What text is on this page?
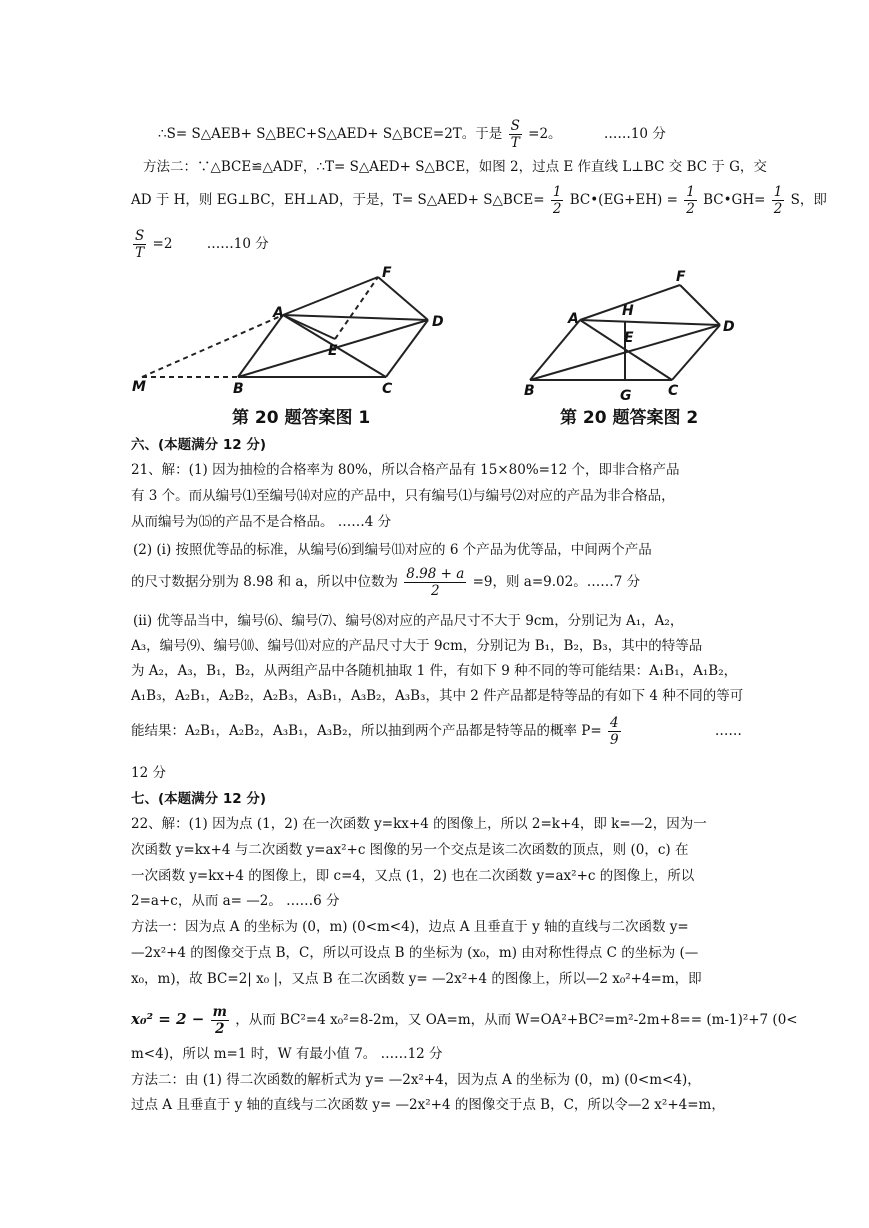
∴S= S△AEB+ S△BEC+S△AED+ S△BCE=2T。于是 $\frac{S}{T} =2$。	……10 分
方法二：∵△BCE≌△ADF，∴T= S△AED+ S△BCE，如图 2，过点 E 作直线 L⊥BC 交 BC 于 G，交
AD 于 H，则 EG⊥BC，EH⊥AD，于是，T= S△AED+ S△BCE= $\frac{1}{2}$ BC•(EG+EH) = $\frac{1}{2}$ BC•GH= $\frac{1}{2}$ S，即
$\frac{S}{T} =2$	……10 分
A
B	C
D
E
F
M
第 20 题答案图 1
A
B	C
D
E
F
G
H
第 20 题答案图 2
六、(本题满分 12 分)
21、解：(1) 因为抽检的合格率为 80%，所以合格产品有 15×80%=12 个，即非合格产品
有 3 个。而从编号⑴至编号⒁对应的产品中，只有编号⑴与编号⑵对应的产品为非合格品，
从而编号为⒂的产品不是合格品。 ……4 分
(2) (ⅰ) 按照优等品的标准，从编号⑹到编号⑾对应的 6 个产品为优等品，中间两个产品
的尺寸数据分别为 8.98 和 a，所以中位数为 $\frac{8.98 + a}{2} =9$，则 a=9.02。……7 分
(ⅱ) 优等品当中，编号⑹、编号⑺、编号⑻对应的产品尺寸不大于 9cm，分别记为 A₁，A₂，
A₃，编号⑼、编号⑽、编号⑾对应的产品尺寸大于 9cm，分别记为 B₁，B₂，B₃，其中的特等品
为 A₂，A₃，B₁，B₂，从两组产品中各随机抽取 1 件，有如下 9 种不同的等可能结果：A₁B₁，A₁B₂，
A₁B₃，A₂B₁，A₂B₂，A₂B₃，A₃B₁，A₃B₂，A₃B₃，其中 2 件产品都是特等品的有如下 4 种不同的等可
能结果：A₂B₁，A₂B₂，A₃B₁，A₃B₂，所以抽到两个产品都是特等品的概率 $P= \frac{4}{9}$	……
12 分
七、(本题满分 12 分)
22、解：(1) 因为点 (1，2) 在一次函数 y=kx+4 的图像上，所以 2=k+4，即 k=—2，因为一
次函数 y=kx+4 与二次函数 y=ax²+c 图像的另一个交点是该二次函数的顶点，则 (0，c) 在
一次函数 y=kx+4 的图像上，即 c=4，又点 (1，2) 也在二次函数 y=ax²+c 的图像上，所以
2=a+c，从而 a= —2。 ……6 分
方法一：因为点 A 的坐标为 (0，m) (0<m<4)，边点 A 且垂直于 y 轴的直线与二次函数 y=
—2x²+4 的图像交于点 B，C，所以可设点 B 的坐标为 (x₀，m) 由对称性得点 C 的坐标为 (—
x₀，m)，故 BC=2| x₀ |，又点 B 在二次函数 y= —2x²+4 的图像上，所以—2 x₀²+4=m，即
$x_0^2 = 2 - \frac{m}{2}$ ，从而 BC²=4 x₀²=8-2m，又 OA=m，从而 W=OA²+BC²=m²-2m+8== (m-1)²+7 (0<
m<4)，所以 m=1 时，W 有最小值 7。 ……12 分
方法二：由 (1) 得二次函数的解析式为 y= —2x²+4，因为点 A 的坐标为 (0，m) (0<m<4)，
过点 A 且垂直于 y 轴的直线与二次函数 y= —2x²+4 的图像交于点 B，C，所以令—2 x²+4=m，
